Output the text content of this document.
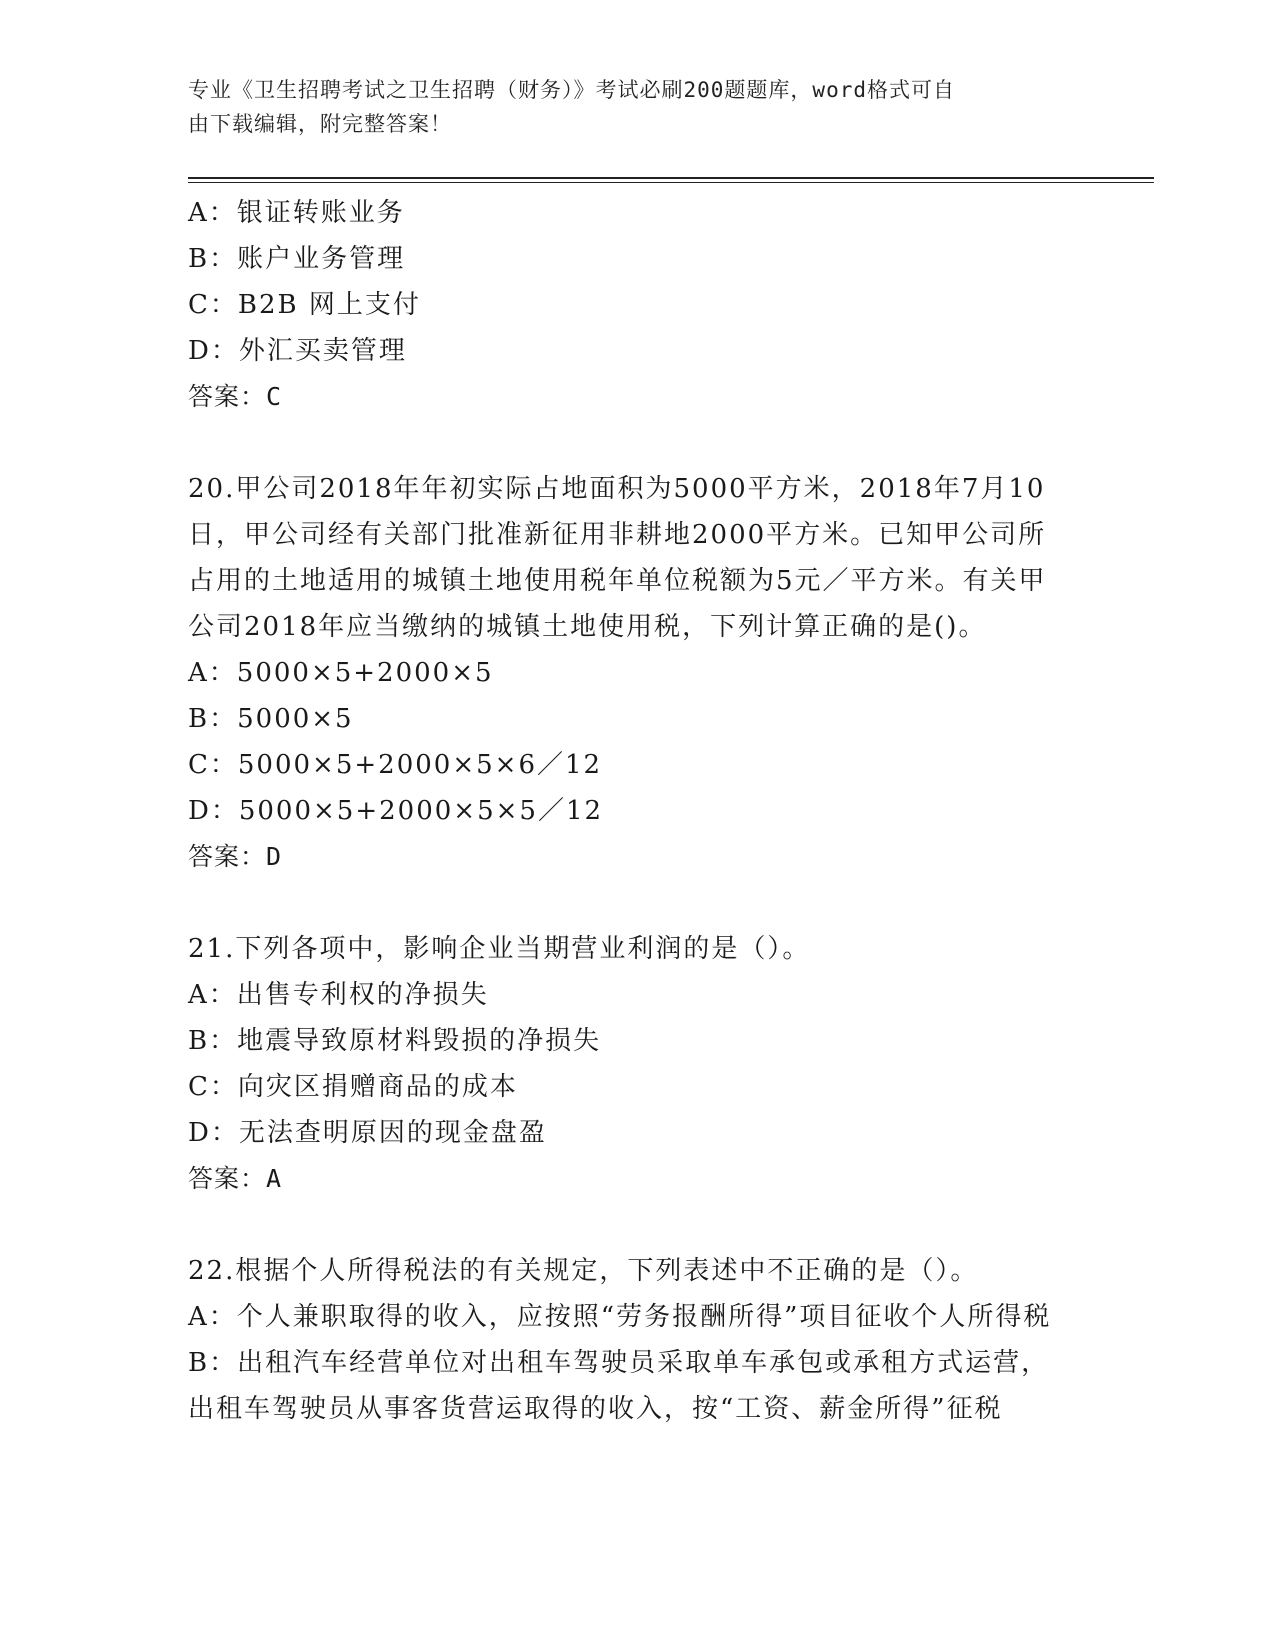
专业《卫生招聘考试之卫生招聘（财务）》考试必刷200题题库，word格式可自
由下载编辑，附完整答案！
A：银证转账业务
B：账户业务管理
C：B2B 网上支付
D：外汇买卖管理
答案：C
20.甲公司2018年年初实际占地面积为5000平方米，2018年7月10日，甲公司经有关部门批准新征用非耕地2000平方米。已知甲公司所占用的土地适用的城镇土地使用税年单位税额为5元／平方米。有关甲公司2018年应当缴纳的城镇土地使用税，下列计算正确的是()。
A：5000×5+2000×5
B：5000×5
C：5000×5+2000×5×6／12
D：5000×5+2000×5×5／12
答案：D
21.下列各项中，影响企业当期营业利润的是（）。
A：出售专利权的净损失
B：地震导致原材料毁损的净损失
C：向灾区捐赠商品的成本
D：无法查明原因的现金盘盈
答案：A
22.根据个人所得税法的有关规定，下列表述中不正确的是（）。
A：个人兼职取得的收入，应按照“劳务报酬所得”项目征收个人所得税
B：出租汽车经营单位对出租车驾驶员采取单车承包或承租方式运营，出租车驾驶员从事客货营运取得的收入，按“工资、薪金所得”征税
